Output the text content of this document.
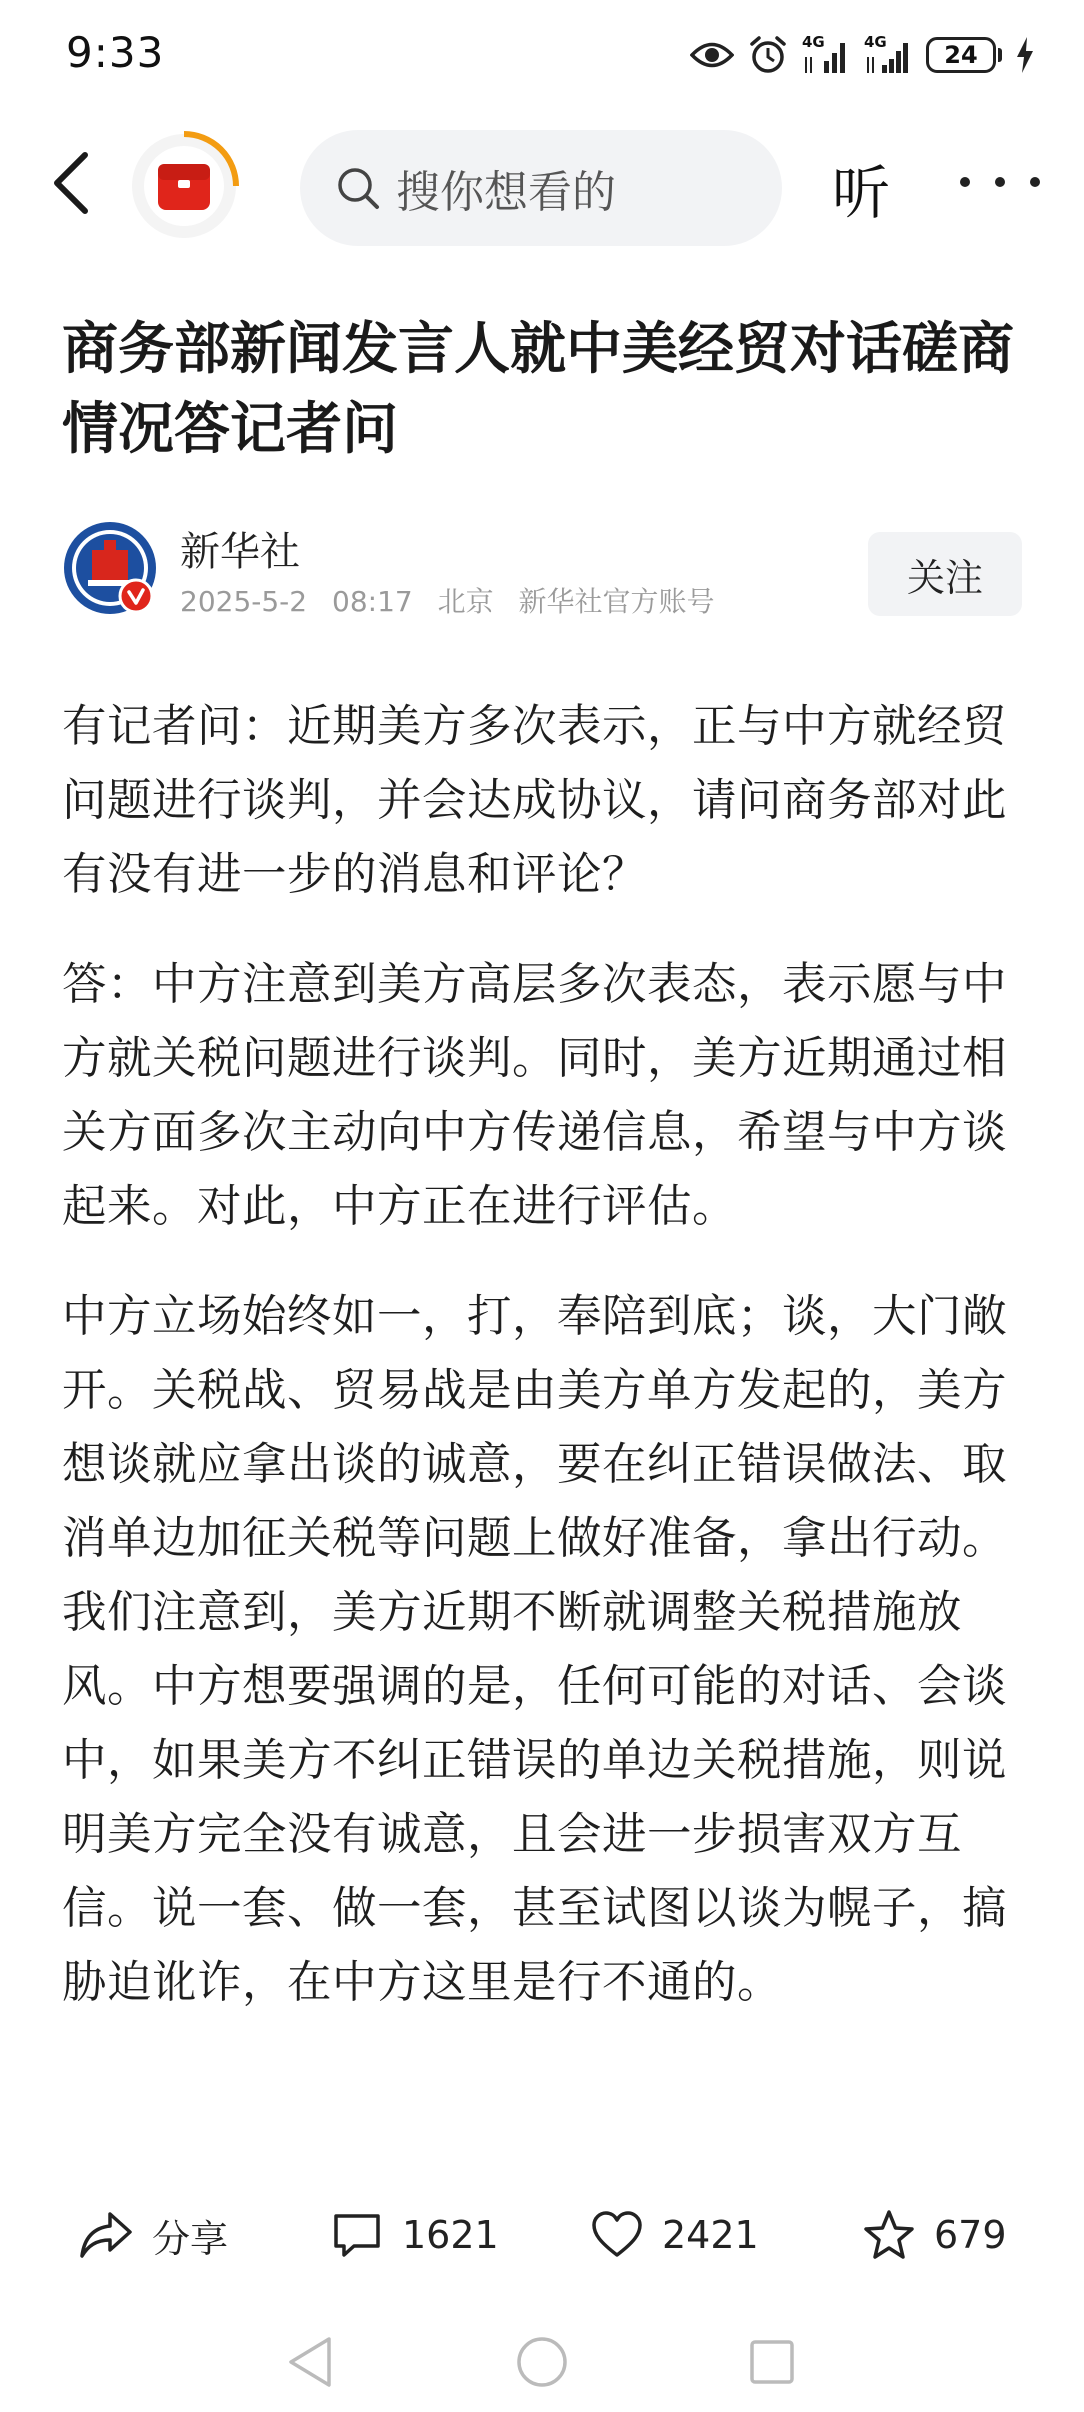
9:33	4G	4G	24
搜你想看的	听
商务部新闻发言人就中美经贸对话磋商情况答记者问
新华社
2025-5-2 08:17 北京 新华社官方账号
关注

有记者问：近期美方多次表示，正与中方就经贸问题进行谈判，并会达成协议，请问商务部对此有没有进一步的消息和评论？

答：中方注意到美方高层多次表态，表示愿与中方就关税问题进行谈判。同时，美方近期通过相关方面多次主动向中方传递信息，希望与中方谈起来。对此，中方正在进行评估。

中方立场始终如一，打，奉陪到底；谈，大门敞开。关税战、贸易战是由美方单方发起的，美方想谈就应拿出谈的诚意，要在纠正错误做法、取消单边加征关税等问题上做好准备，拿出行动。我们注意到，美方近期不断就调整关税措施放风。中方想要强调的是，任何可能的对话、会谈中，如果美方不纠正错误的单边关税措施，则说明美方完全没有诚意，且会进一步损害双方互信。说一套、做一套，甚至试图以谈为幌子，搞胁迫讹诈，在中方这里是行不通的。

分享	1621	2421	679
